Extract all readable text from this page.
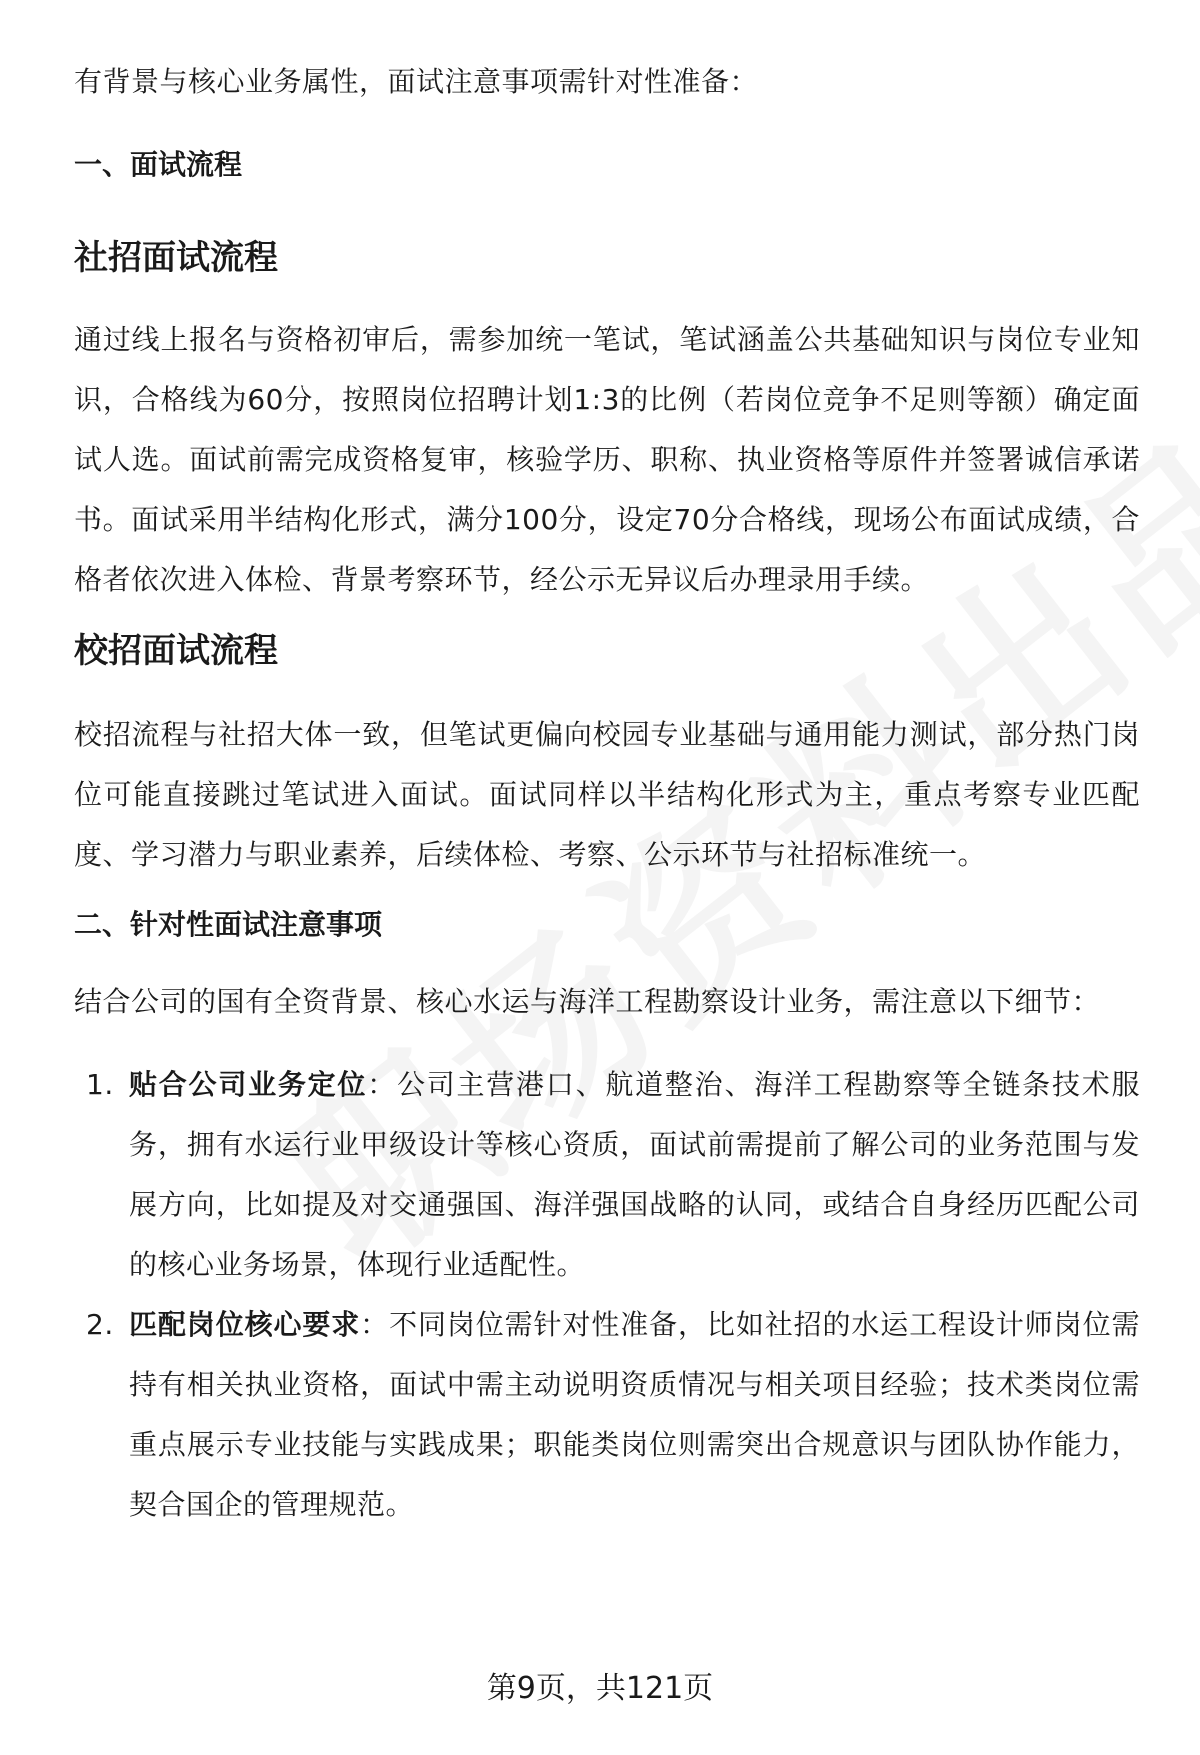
有背景与核心业务属性，面试注意事项需针对性准备：

一、面试流程
社招面试流程

通过线上报名与资格初审后，需参加统一笔试，笔试涵盖公共基础知识与岗位专业知识，合格线为60分，按照岗位招聘计划1:3的比例（若岗位竞争不足则等额）确定面试人选。面试前需完成资格复审，核验学历、职称、执业资格等原件并签署诚信承诺书。面试采用半结构化形式，满分100分，设定70分合格线，现场公布面试成绩，合格者依次进入体检、背景考察环节，经公示无异议后办理录用手续。

校招面试流程

校招流程与社招大体一致，但笔试更偏向校园专业基础与通用能力测试，部分热门岗位可能直接跳过笔试进入面试。面试同样以半结构化形式为主，重点考察专业匹配度、学习潜力与职业素养，后续体检、考察、公示环节与社招标准统一。

二、针对性面试注意事项

结合公司的国有全资背景、核心水运与海洋工程勘察设计业务，需注意以下细节：

1. 贴合公司业务定位：公司主营港口、航道整治、海洋工程勘察等全链条技术服务，拥有水运行业甲级设计等核心资质，面试前需提前了解公司的业务范围与发展方向，比如提及对交通强国、海洋强国战略的认同，或结合自身经历匹配公司的核心业务场景，体现行业适配性。
2. 匹配岗位核心要求：不同岗位需针对性准备，比如社招的水运工程设计师岗位需持有相关执业资格，面试中需主动说明资质情况与相关项目经验；技术类岗位需重点展示专业技能与实践成果；职能类岗位则需突出合规意识与团队协作能力，契合国企的管理规范。
第9页，共121页
